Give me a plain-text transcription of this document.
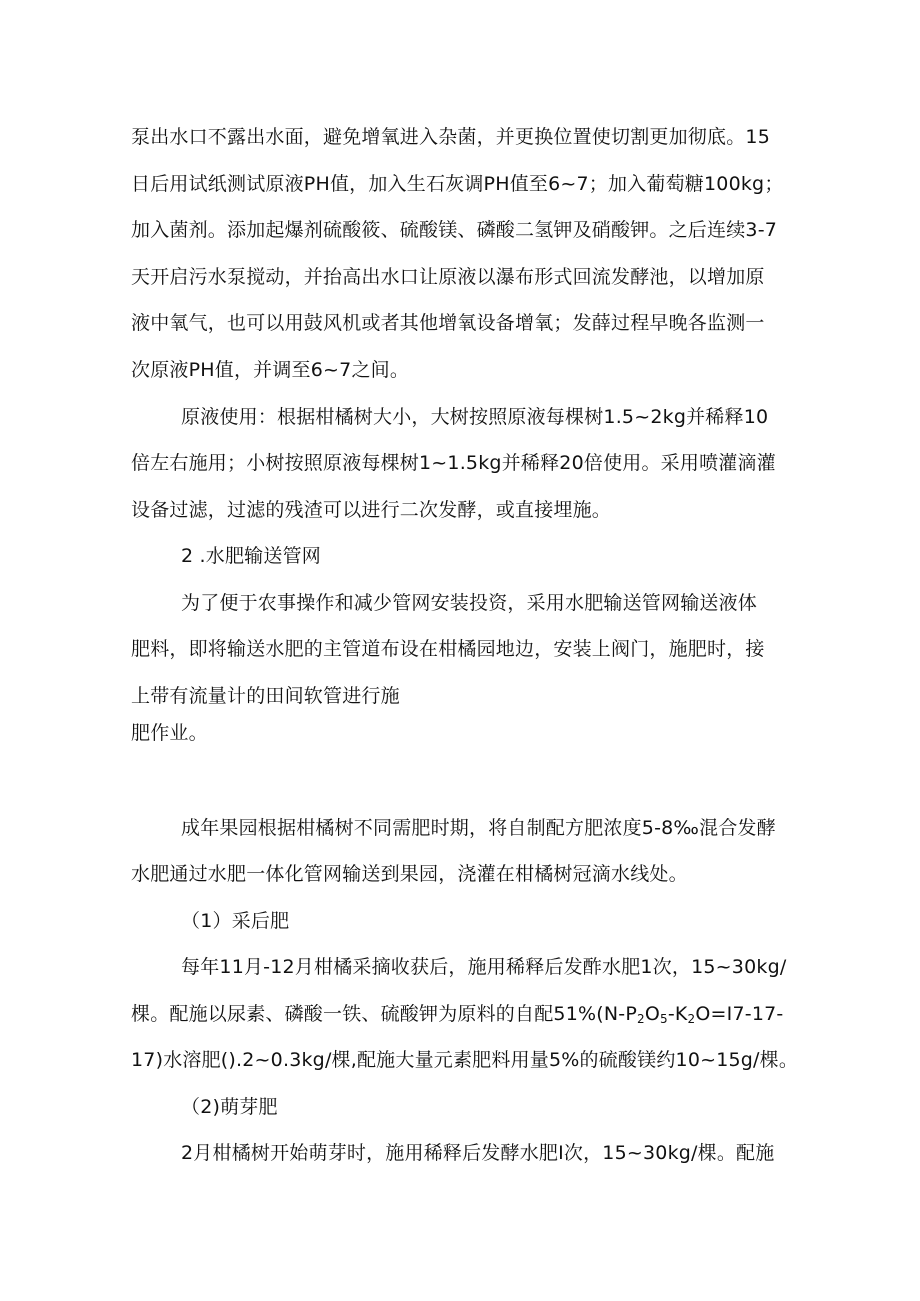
泵出水口不露出水面，避免增氧进入杂菌，并更换位置使切割更加彻底。15
日后用试纸测试原液PH值，加入生石灰调PH值至6~7；加入葡萄糖100kg；
加入菌剂。添加起爆剂硫酸筱、硫酸镁、磷酸二氢钾及硝酸钾。之后连续3-7
天开启污水泵搅动，并抬高出水口让原液以瀑布形式回流发酵池，以增加原
液中氧气，也可以用鼓风机或者其他增氧设备增氧；发薛过程早晚各监测一
次原液PH值，并调至6~7之间。
原液使用：根据柑橘树大小，大树按照原液每棵树1.5~2kg并稀释10
倍左右施用；小树按照原液每棵树1~1.5kg并稀释20倍使用。采用喷灌滴灌
设备过滤，过滤的残渣可以进行二次发酵，或直接埋施。
2 .水肥输送管网
为了便于农事操作和减少管网安装投资，采用水肥输送管网输送液体
肥料，即将输送水肥的主管道布设在柑橘园地边，安装上阀门，施肥时，接
上带有流量计的田间软管进行施
肥作业。
成年果园根据柑橘树不同需肥时期，将自制配方肥浓度5-8‰混合发酵
水肥通过水肥一体化管网输送到果园，浇灌在柑橘树冠滴水线处。
（1）采后肥
每年11月-12月柑橘采摘收获后，施用稀释后发酢水肥1次，15~30kg/
棵。配施以尿素、磷酸一铁、硫酸钾为原料的自配$51\%(N-P_2O_5-K_2O=I7-17-$
17)水溶肥().2~0.3kg/棵,配施大量元素肥料用量5%的硫酸镁约10~15g∕棵。
（2)萌芽肥
2月柑橘树开始萌芽时，施用稀释后发酵水肥I次，15~30kg/棵。配施
